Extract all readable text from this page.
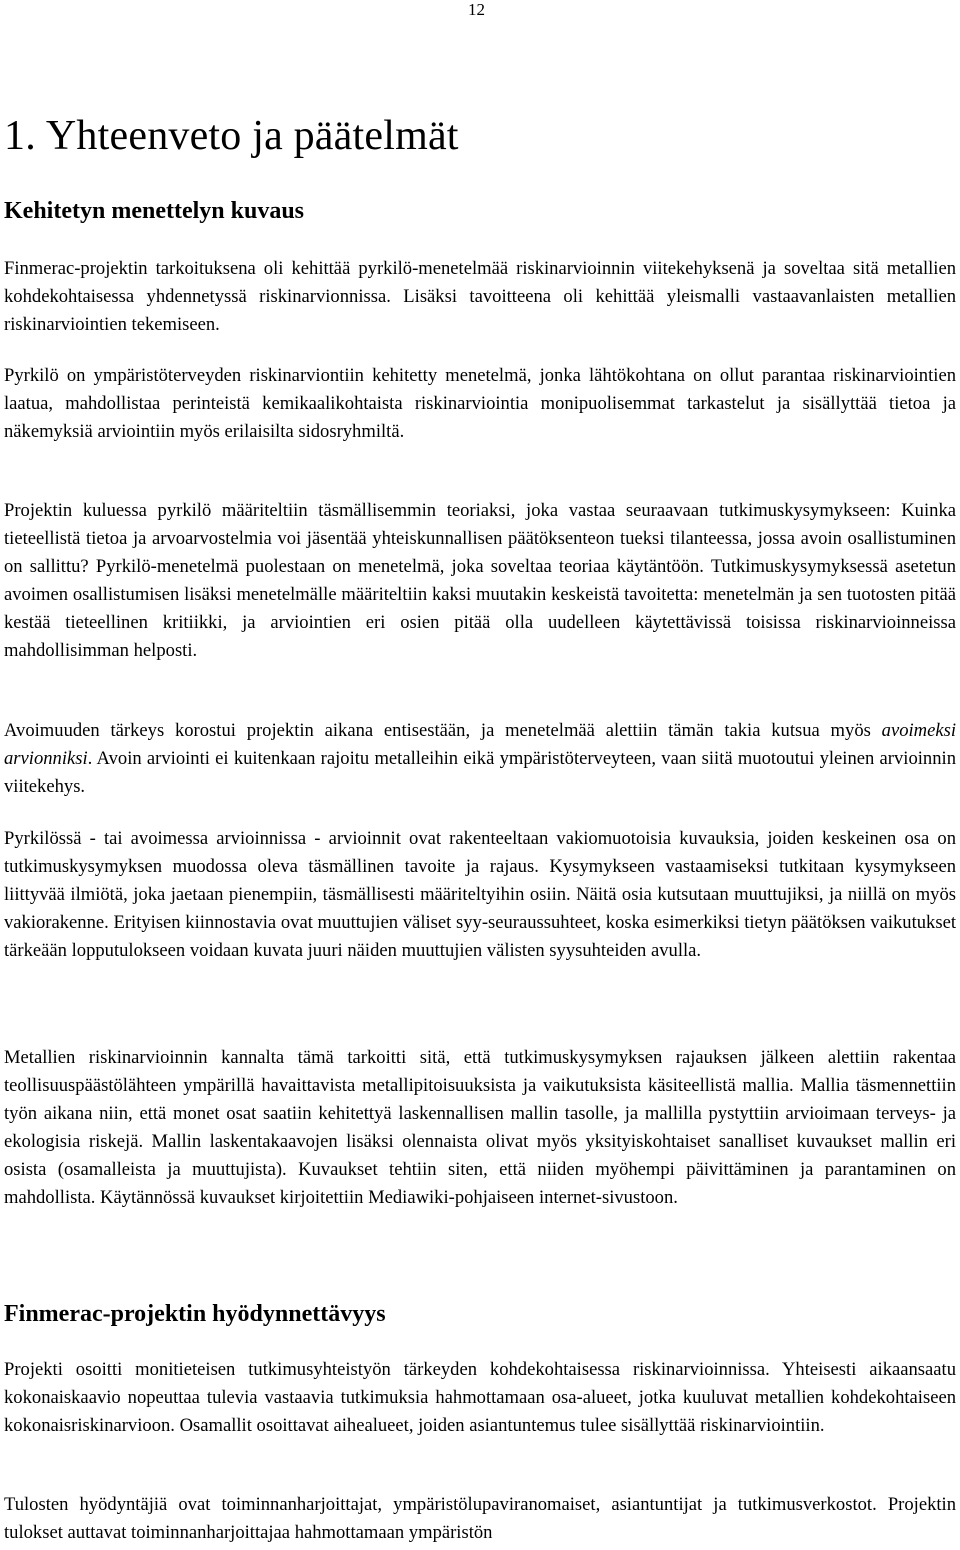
12
1. Yhteenveto ja päätelmät
Kehitetyn menettelyn kuvaus

Finmerac-projektin tarkoituksena oli kehittää pyrkilö-menetelmää riskinarvioinnin viitekehyksenä ja soveltaa sitä metallien kohdekohtaisessa yhdennetyssä riskinarvionnissa. Lisäksi tavoitteena oli kehittää yleismalli vastaavanlaisten metallien riskinarviointien tekemiseen.

Pyrkilö on ympäristöterveyden riskinarviontiin kehitetty menetelmä, jonka lähtökohtana on ollut parantaa riskinarviointien laatua, mahdollistaa perinteistä kemikaalikohtaista riskinarviointia monipuolisemmat tarkastelut ja sisällyttää tietoa ja näkemyksiä arviointiin myös erilaisilta sidosryhmiltä.

Projektin kuluessa pyrkilö määriteltiin täsmällisemmin teoriaksi, joka vastaa seuraavaan tutkimuskysymykseen: Kuinka tieteellistä tietoa ja arvoarvostelmia voi jäsentää yhteiskunnallisen päätöksenteon tueksi tilanteessa, jossa avoin osallistuminen on sallittu? Pyrkilö-menetelmä puolestaan on menetelmä, joka soveltaa teoriaa käytäntöön. Tutkimuskysymyksessä asetetun avoimen osallistumisen lisäksi menetelmälle määriteltiin kaksi muutakin keskeistä tavoitetta: menetelmän ja sen tuotosten pitää kestää tieteellinen kritiikki, ja arviointien eri osien pitää olla uudelleen käytettävissä toisissa riskinarvioinneissa mahdollisimman helposti.

Avoimuuden tärkeys korostui projektin aikana entisestään, ja menetelmää alettiin tämän takia kutsua myös avoimeksi arvionniksi. Avoin arviointi ei kuitenkaan rajoitu metalleihin eikä ympäristöterveyteen, vaan siitä muotoutui yleinen arvioinnin viitekehys.

Pyrkilössä - tai avoimessa arvioinnissa - arvioinnit ovat rakenteeltaan vakiomuotoisia kuvauksia, joiden keskeinen osa on tutkimuskysymyksen muodossa oleva täsmällinen tavoite ja rajaus. Kysymykseen vastaamiseksi tutkitaan kysymykseen liittyvää ilmiötä, joka jaetaan pienempiin, täsmällisesti määriteltyihin osiin. Näitä osia kutsutaan muuttujiksi, ja niillä on myös vakiorakenne. Erityisen kiinnostavia ovat muuttujien väliset syy-seuraussuhteet, koska esimerkiksi tietyn päätöksen vaikutukset tärkeään lopputulokseen voidaan kuvata juuri näiden muuttujien välisten syysuhteiden avulla.

Metallien riskinarvioinnin kannalta tämä tarkoitti sitä, että tutkimuskysymyksen rajauksen jälkeen alettiin rakentaa teollisuuspäästölähteen ympärillä havaittavista metallipitoisuuksista ja vaikutuksista käsiteellistä mallia. Mallia täsmennettiin työn aikana niin, että monet osat saatiin kehitettyä laskennallisen mallin tasolle, ja mallilla pystyttiin arvioimaan terveys- ja ekologisia riskejä. Mallin laskentakaavojen lisäksi olennaista olivat myös yksityiskohtaiset sanalliset kuvaukset mallin eri osista (osamalleista ja muuttujista). Kuvaukset tehtiin siten, että niiden myöhempi päivittäminen ja parantaminen on mahdollista. Käytännössä kuvaukset kirjoitettiin Mediawiki-pohjaiseen internet-sivustoon.

Finmerac-projektin hyödynnettävyys

Projekti osoitti monitieteisen tutkimusyhteistyön tärkeyden kohdekohtaisessa riskinarvioinnissa. Yhteisesti aikaansaatu kokonaiskaavio nopeuttaa tulevia vastaavia tutkimuksia hahmottamaan osa-alueet, jotka kuuluvat metallien kohdekohtaiseen kokonaisriskinarvioon. Osamallit osoittavat aihealueet, joiden asiantuntemus tulee sisällyttää riskinarviointiin.

Tulosten hyödyntäjiä ovat toiminnanharjoittajat, ympäristölupaviranomaiset, asiantuntijat ja tutkimusverkostot. Projektin tulokset auttavat toiminnanharjoittajaa hahmottamaan ympäristön
